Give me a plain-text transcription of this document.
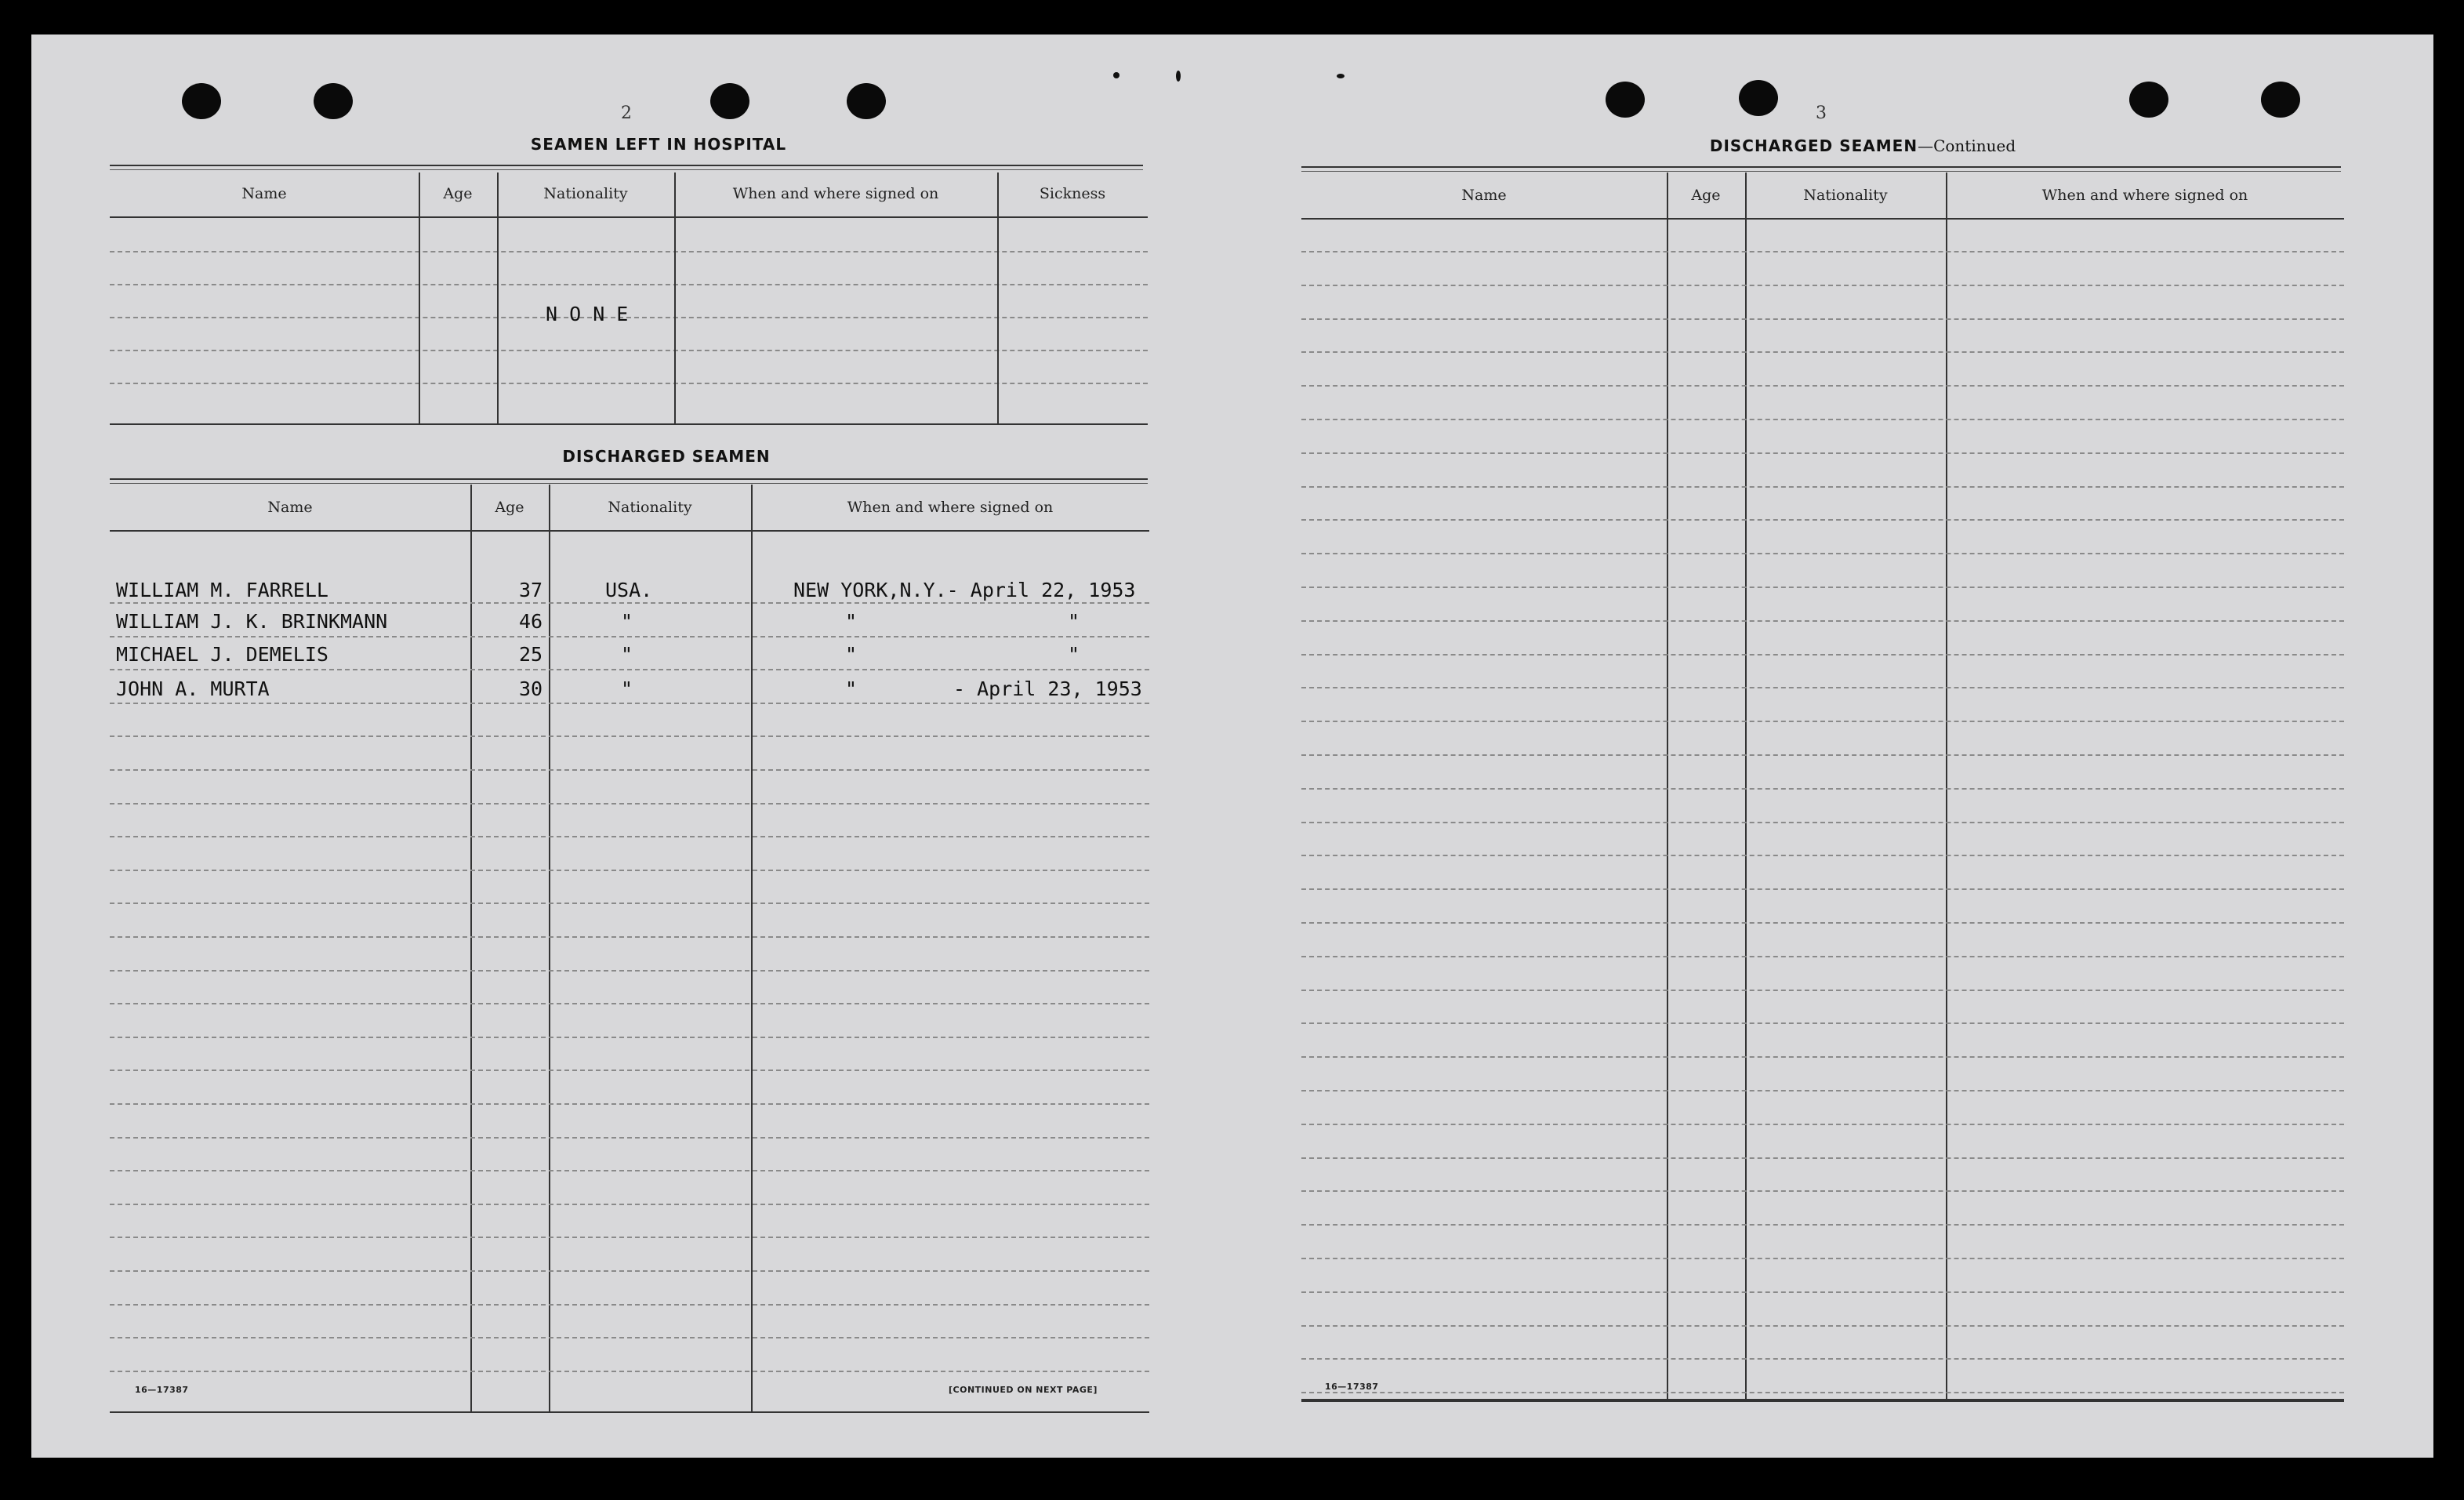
2
SEAMEN LEFT IN HOSPITAL
Name	Age	Nationality	When and where signed on	Sickness
N O N E
DISCHARGED SEAMEN
Name	Age	Nationality	When and where signed on
WILLIAM M. FARRELL	37	USA.	NEW YORK,N.Y.- April 22, 1953
WILLIAM J. K. BRINKMANN	46	"	"	"
MICHAEL J. DEMELIS	25	"	"	"
JOHN A. MURTA	30	"	"	- April 23, 1953
16—17387	[CONTINUED ON NEXT PAGE]
3
DISCHARGED SEAMEN—Continued
Name	Age	Nationality	When and where signed on
16—17387
